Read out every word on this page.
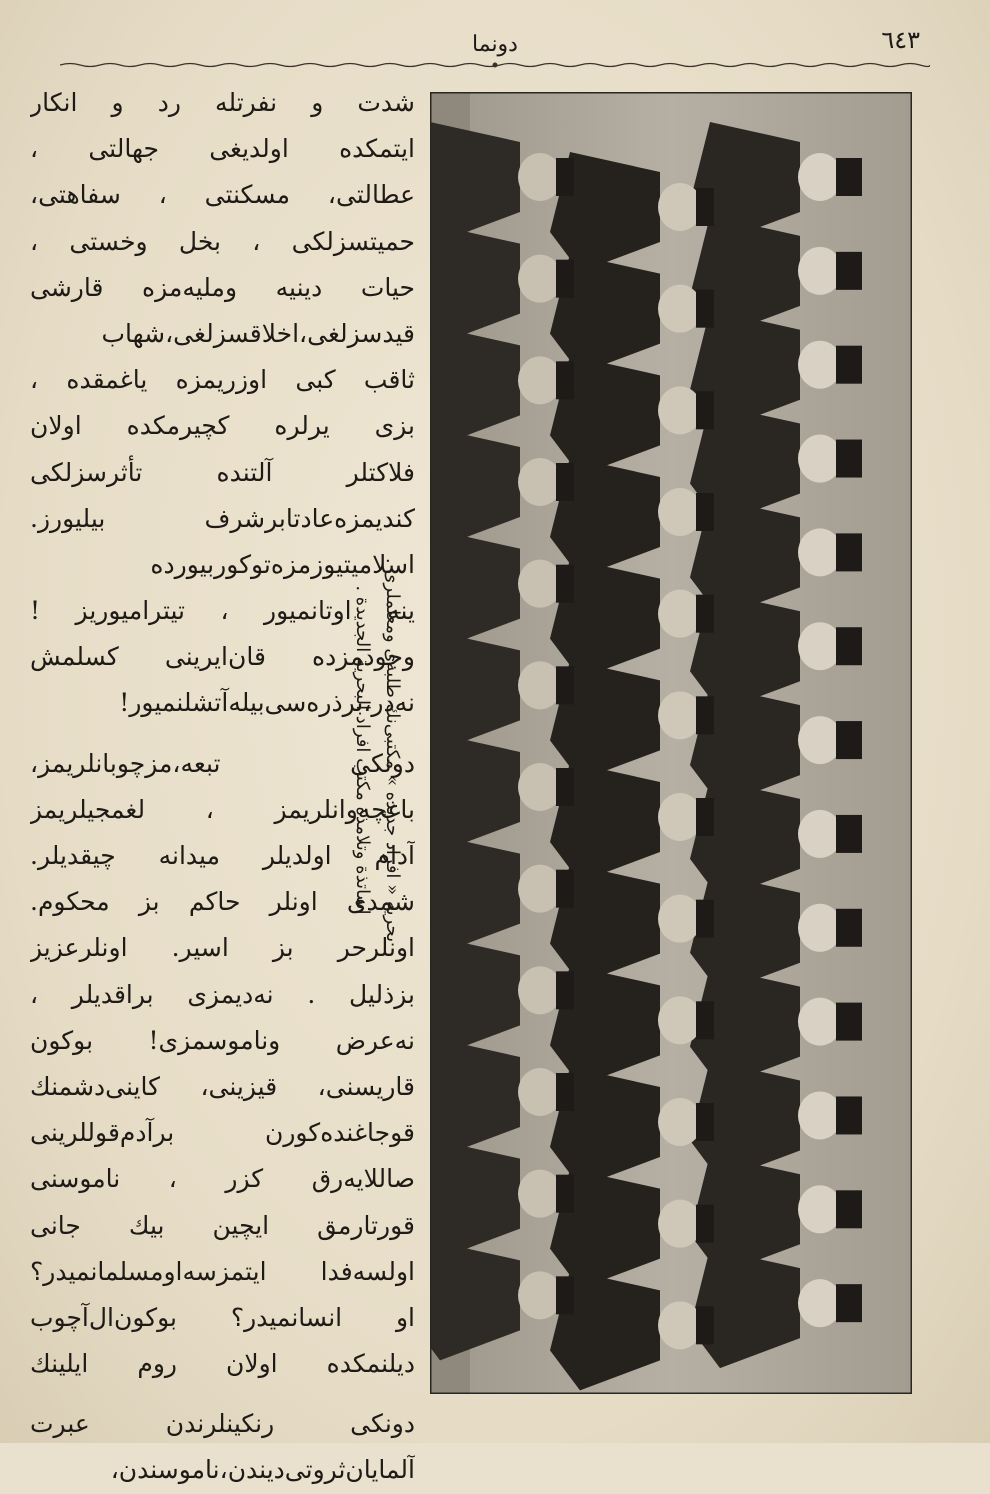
دونما	٦٤٣
شدت و نفرتله رد و انکار
ایتمکده اولدیغی جهالتی ،
عطالتی، مسکنتی ، سفاهتی،
حمیتسزلکی ، بخل وخستی ،
حیات دینیه وملیه‌مزه قارشی
قیدسزلغی،اخلاقسزلغی،شهاب
ثاقب کبی اوزریمزه یاغمقده ،
بزی یرلره کچیرمکده اولان
فلاکتلر آلتنده تأثرسزلکی
کندیمزه‌عادتابرشرف بیلیورز.
اسلامیتیوزمزه‌توکوربیورده
ینه اوتانمیور ، تیترامیوریز !
وجودمزده قان‌ایرینی کسلمش
نه‌در،برذره‌سی‌بیله‌آتشلنمیور!
دونکی تبعه،مزچوبانلریمز،
باغچه‌وانلریمز ، لغمجیلریمز
آدام اولدیلر میدانه چیقدیلر.
شمدی اونلر حاکم بز محکوم.
اونلرحر بز اسیر. اونلرعزیز
بزذلیل . نه‌دیمزی براقدیلر ،
نه‌عرض وناموسمزی! بوکون
قاریسنی، قیزینی، کاینی‌دشمنك
قوجاغنده‌کورن برآدم‌قوللرینی
صاللایه‌رق کزر ، ناموسنی
قورتارمق ایچین بیك جانی
اولسه‌فدا ایتمزسه‌اومسلمانمیدر؟
او انسانمیدر؟ بوکون‌ال‌آچوب
دیلنمکده اولان روم ایلینك
دونکی رنکینلرندن عبرت
آلمایان‌ثروتی‌دیندن،ناموسندن،
بحریه « افراد جدیده » مکتبی‌نك طلبه‌ی ومعلملری .
اساتذة وتلامذة مكتب افراد البحرية الجديدة .
